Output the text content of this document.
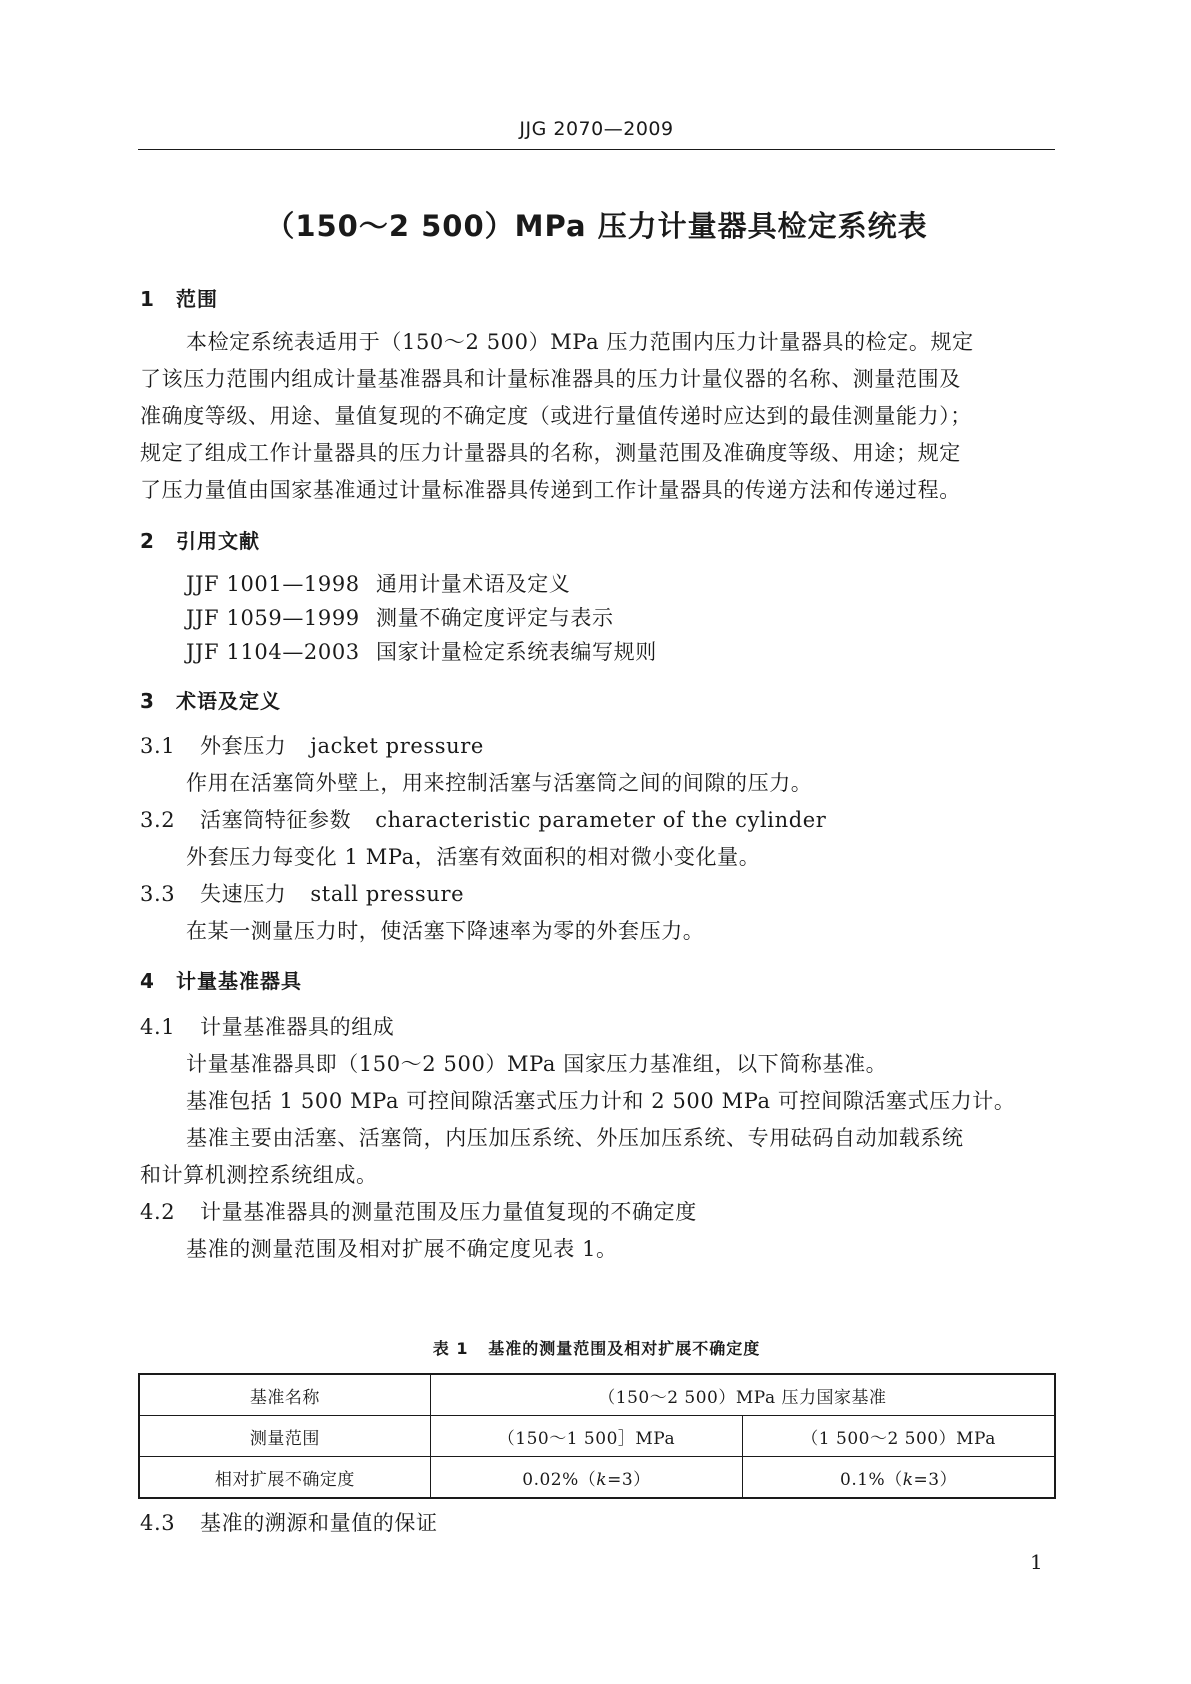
JJG 2070—2009
（150～2 500）MPa 压力计量器具检定系统表
1 范围
本检定系统表适用于（150～2 500）MPa 压力范围内压力计量器具的检定。规定
了该压力范围内组成计量基准器具和计量标准器具的压力计量仪器的名称、测量范围及
准确度等级、用途、量值复现的不确定度（或进行量值传递时应达到的最佳测量能力）；
规定了组成工作计量器具的压力计量器具的名称，测量范围及准确度等级、用途；规定
了压力量值由国家基准通过计量标准器具传递到工作计量器具的传递方法和传递过程。
2 引用文献
JJF 1001—1998 通用计量术语及定义
JJF 1059—1999 测量不确定度评定与表示
JJF 1104—2003 国家计量检定系统表编写规则
3 术语及定义
3.1 外套压力 jacket pressure
作用在活塞筒外壁上，用来控制活塞与活塞筒之间的间隙的压力。
3.2 活塞筒特征参数 characteristic parameter of the cylinder
外套压力每变化 1 MPa，活塞有效面积的相对微小变化量。
3.3 失速压力 stall pressure
在某一测量压力时，使活塞下降速率为零的外套压力。
4 计量基准器具
4.1 计量基准器具的组成
计量基准器具即（150～2 500）MPa 国家压力基准组，以下简称基准。
基准包括 1 500 MPa 可控间隙活塞式压力计和 2 500 MPa 可控间隙活塞式压力计。
基准主要由活塞、活塞筒，内压加压系统、外压加压系统、专用砝码自动加载系统
和计算机测控系统组成。
4.2 计量基准器具的测量范围及压力量值复现的不确定度
基准的测量范围及相对扩展不确定度见表 1。
表 1 基准的测量范围及相对扩展不确定度
基准名称	（150～2 500）MPa 压力国家基准	
测量范围	（150～1 500］MPa	（1 500～2 500）MPa
相对扩展不确定度	0.02%（k=3）	0.1%（k=3）
4.3 基准的溯源和量值的保证
1
